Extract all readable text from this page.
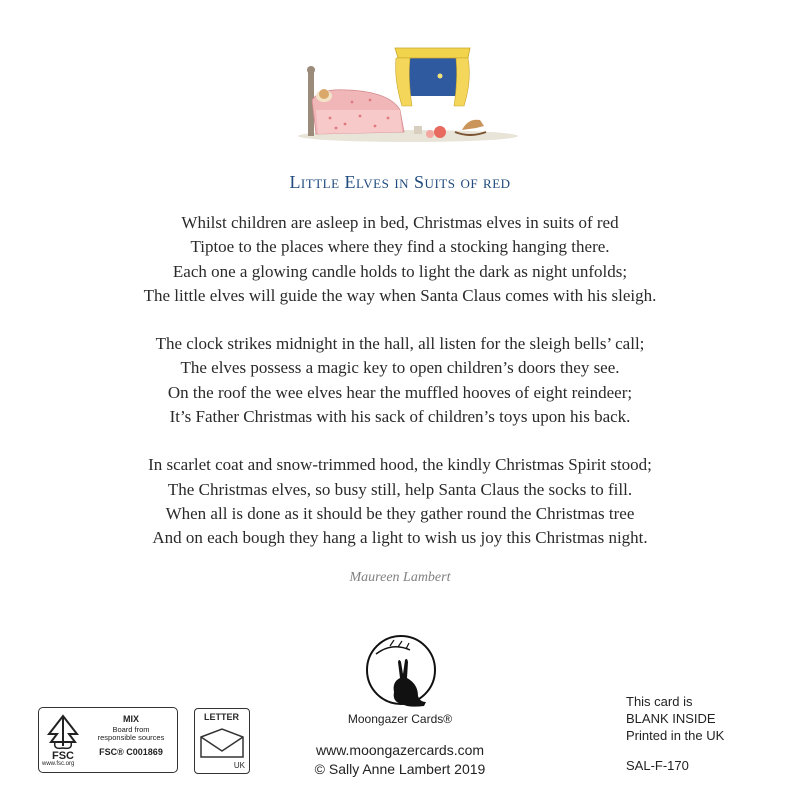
Little Elves in Suits of red
Whilst children are asleep in bed, Christmas elves in suits of red
Tiptoe to the places where they find a stocking hanging there.
Each one a glowing candle holds to light the dark as night unfolds;
The little elves will guide the way when Santa Claus comes with his sleigh.
The clock strikes midnight in the hall, all listen for the sleigh bells’ call;
The elves possess a magic key to open children’s doors they see.
On the roof the wee elves hear the muffled hooves of eight reindeer;
It’s Father Christmas with his sack of children’s toys upon his back.
In scarlet coat and snow-trimmed hood, the kindly Christmas Spirit stood;
The Christmas elves, so busy still, help Santa Claus the socks to fill.
When all is done as it should be they gather round the Christmas tree
And on each bough they hang a light to wish us joy this Christmas night.
Maureen Lambert
Moongazer Cards®
www.moongazercards.com
© Sally Anne Lambert 2019
FSC
MIX
Board from
responsible sources
FSC® C001869
www.fsc.org
LETTER
UK
This card is
BLANK INSIDE
Printed in the UK
SAL-F-170
